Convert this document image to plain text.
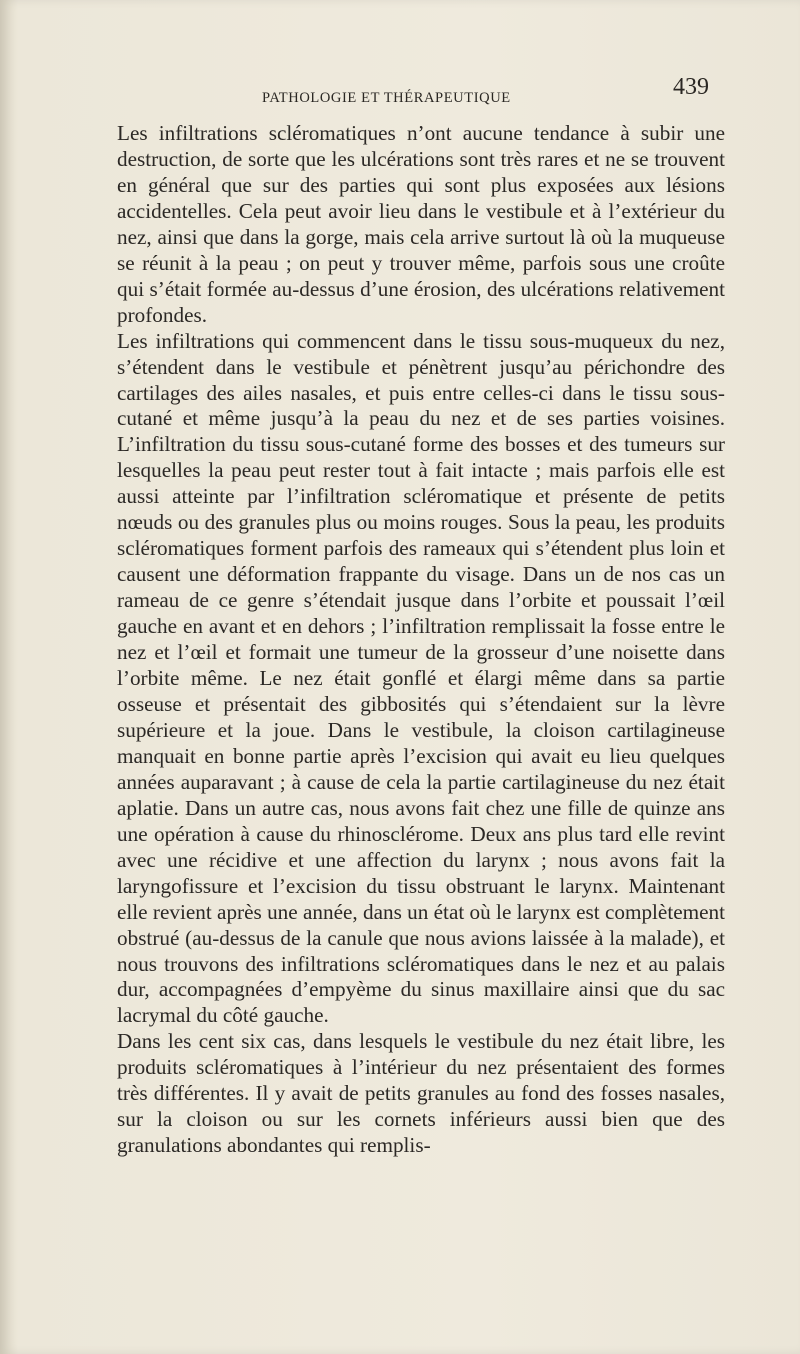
PATHOLOGIE ET THÉRAPEUTIQUE	439

Les infiltrations scléromatiques n’ont aucune tendance à subir une destruction, de sorte que les ulcérations sont très rares et ne se trouvent en général que sur des parties qui sont plus exposées aux lésions accidentelles. Cela peut avoir lieu dans le vestibule et à l’extérieur du nez, ainsi que dans la gorge, mais cela arrive surtout là où la muqueuse se réunit à la peau ; on peut y trouver même, parfois sous une croûte qui s’était formée au-dessus d’une érosion, des ulcérations relativement profondes.

Les infiltrations qui commencent dans le tissu sous-muqueux du nez, s’étendent dans le vestibule et pénètrent jusqu’au périchondre des cartilages des ailes nasales, et puis entre celles-ci dans le tissu sous-cutané et même jusqu’à la peau du nez et de ses parties voisines. L’infiltration du tissu sous-cutané forme des bosses et des tumeurs sur lesquelles la peau peut rester tout à fait intacte ; mais parfois elle est aussi atteinte par l’infiltration scléromatique et présente de petits nœuds ou des granules plus ou moins rouges. Sous la peau, les produits scléromatiques forment parfois des rameaux qui s’étendent plus loin et causent une déformation frappante du visage. Dans un de nos cas un rameau de ce genre s’étendait jusque dans l’orbite et poussait l’œil gauche en avant et en dehors ; l’infiltration remplissait la fosse entre le nez et l’œil et formait une tumeur de la grosseur d’une noisette dans l’orbite même. Le nez était gonflé et élargi même dans sa partie osseuse et présentait des gibbosités qui s’étendaient sur la lèvre supérieure et la joue. Dans le vestibule, la cloison cartilagineuse manquait en bonne partie après l’excision qui avait eu lieu quelques années auparavant ; à cause de cela la partie cartilagineuse du nez était aplatie. Dans un autre cas, nous avons fait chez une fille de quinze ans une opération à cause du rhinosclérome. Deux ans plus tard elle revint avec une récidive et une affection du larynx ; nous avons fait la laryngofissure et l’excision du tissu obstruant le larynx. Maintenant elle revient après une année, dans un état où le larynx est complètement obstrué (au-dessus de la canule que nous avions laissée à la malade), et nous trouvons des infiltrations scléromatiques dans le nez et au palais dur, accompagnées d’empyème du sinus maxillaire ainsi que du sac lacrymal du côté gauche.

Dans les cent six cas, dans lesquels le vestibule du nez était libre, les produits scléromatiques à l’intérieur du nez présentaient des formes très différentes. Il y avait de petits granules au fond des fosses nasales, sur la cloison ou sur les cornets inférieurs aussi bien que des granulations abondantes qui remplis-
